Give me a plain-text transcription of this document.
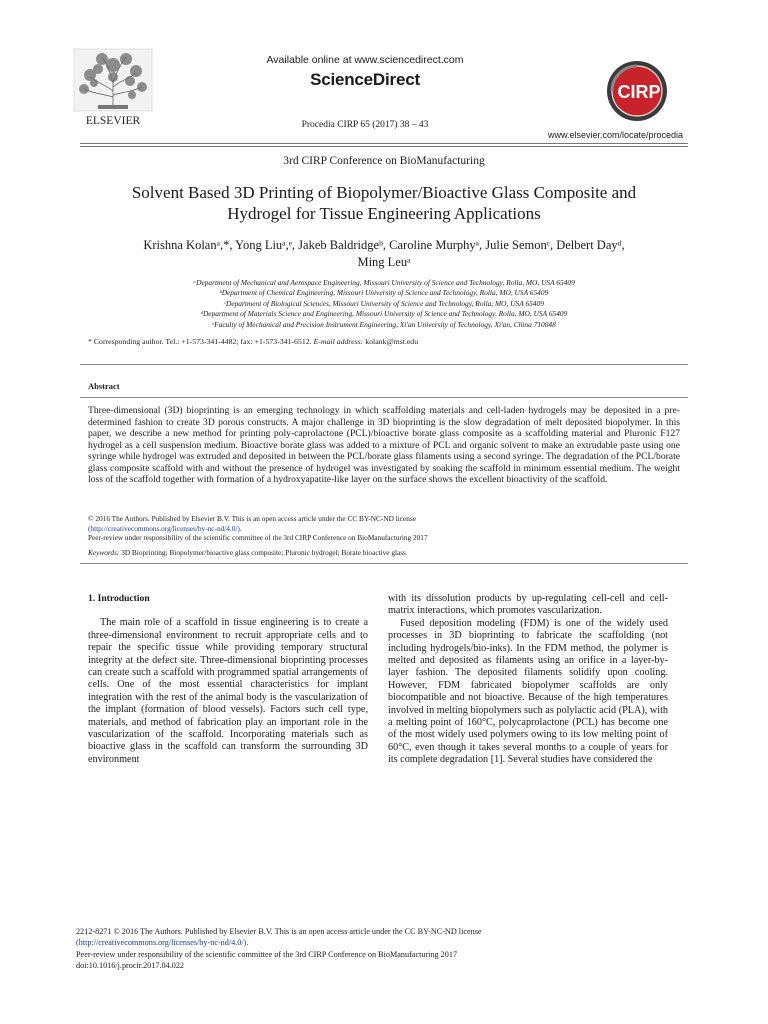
ELSEVIER
Available online at www.sciencedirect.com
ScienceDirect
Procedia CIRP 65 (2017) 38 – 43
CIRP
www.elsevier.com/locate/procedia
3rd CIRP Conference on BioManufacturing
Solvent Based 3D Printing of Biopolymer/Bioactive Glass Composite and
Hydrogel for Tissue Engineering Applications
Krishna Kolanᵃ,*, Yong Liuᵃ,ᵉ, Jakeb Baldridgeᵇ, Caroline Murphyᵃ, Julie Semonᶜ, Delbert Dayᵈ,
Ming Leuᵃ
ᵃDepartment of Mechanical and Aerospace Engineering, Missouri University of Science and Technology, Rolla, MO, USA 65409
ᵇDepartment of Chemical Engineering, Missouri University of Science and Technology, Rolla, MO, USA 65409
ᶜDepartment of Biological Sciences, Missouri University of Science and Technology, Rolla, MO, USA 65409
ᵈDepartment of Materials Science and Engineering, Missouri University of Science and Technology, Rolla, MO, USA 65409
ᵉFaculty of Mechanical and Precision Instrument Engineering, Xi'an University of Technology, Xi'an, China 710048
* Corresponding author. Tel.: +1-573-341-4482; fax: +1-573-341-6512. E-mail address: kolank@mst.edu
Abstract
Three-dimensional (3D) bioprinting is an emerging technology in which scaffolding materials and cell-laden hydrogels may be deposited in a pre-determined fashion to create 3D porous constructs. A major challenge in 3D bioprinting is the slow degradation of melt deposited biopolymer. In this paper, we describe a new method for printing poly-caprolactone (PCL)/bioactive borate glass composite as a scaffolding material and Pluronic F127 hydrogel as a cell suspension medium. Bioactive borate glass was added to a mixture of PCL and organic solvent to make an extrudable paste using one syringe while hydrogel was extruded and deposited in between the PCL/borate glass filaments using a second syringe. The degradation of the PCL/borate glass composite scaffold with and without the presence of hydrogel was investigated by soaking the scaffold in minimum essential medium. The weight loss of the scaffold together with formation of a hydroxyapatite-like layer on the surface shows the excellent bioactivity of the scaffold.
© 2016 The Authors. Published by Elsevier B.V. This is an open access article under the CC BY-NC-ND license
(http://creativecommons.org/licenses/by-nc-nd/4.0/).
Peer-review under responsibility of the scientific committee of the 3rd CIRP Conference on BioManufacturing 2017
Keywords: 3D Bioprinting; Biopolymer/bioactive glass composite; Pluronic hydrogel; Borate bioactive glass
1. Introduction

The main role of a scaffold in tissue engineering is to create a three-dimensional environment to recruit appropriate cells and to repair the specific tissue while providing temporary structural integrity at the defect site. Three-dimensional bioprinting processes can create such a scaffold with programmed spatial arrangements of cells. One of the most essential characteristics for implant integration with the rest of the animal body is the vascularization of the implant (formation of blood vessels). Factors such cell type, materials, and method of fabrication play an important role in the vascularization of the scaffold. Incorporating materials such as bioactive glass in the scaffold can transform the surrounding 3D environment

with its dissolution products by up-regulating cell-cell and cell-matrix interactions, which promotes vascularization.

Fused deposition modeling (FDM) is one of the widely used processes in 3D bioprinting to fabricate the scaffolding (not including hydrogels/bio-inks). In the FDM method, the polymer is melted and deposited as filaments using an orifice in a layer-by-layer fashion. The deposited filaments solidify upon cooling. However, FDM fabricated biopolymer scaffolds are only biocompatible and not bioactive. Because of the high temperatures involved in melting biopolymers such as polylactic acid (PLA), with a melting point of 160°C, polycaprolactone (PCL) has become one of the most widely used polymers owing to its low melting point of 60°C, even though it takes several months to a couple of years for its complete degradation [1]. Several studies have considered the

2212-8271 © 2016 The Authors. Published by Elsevier B.V. This is an open access article under the CC BY-NC-ND license
(http://creativecommons.org/licenses/by-nc-nd/4.0/).
Peer-review under responsibility of the scientific committee of the 3rd CIRP Conference on BioManufacturing 2017
doi:10.1016/j.procir.2017.04.022
